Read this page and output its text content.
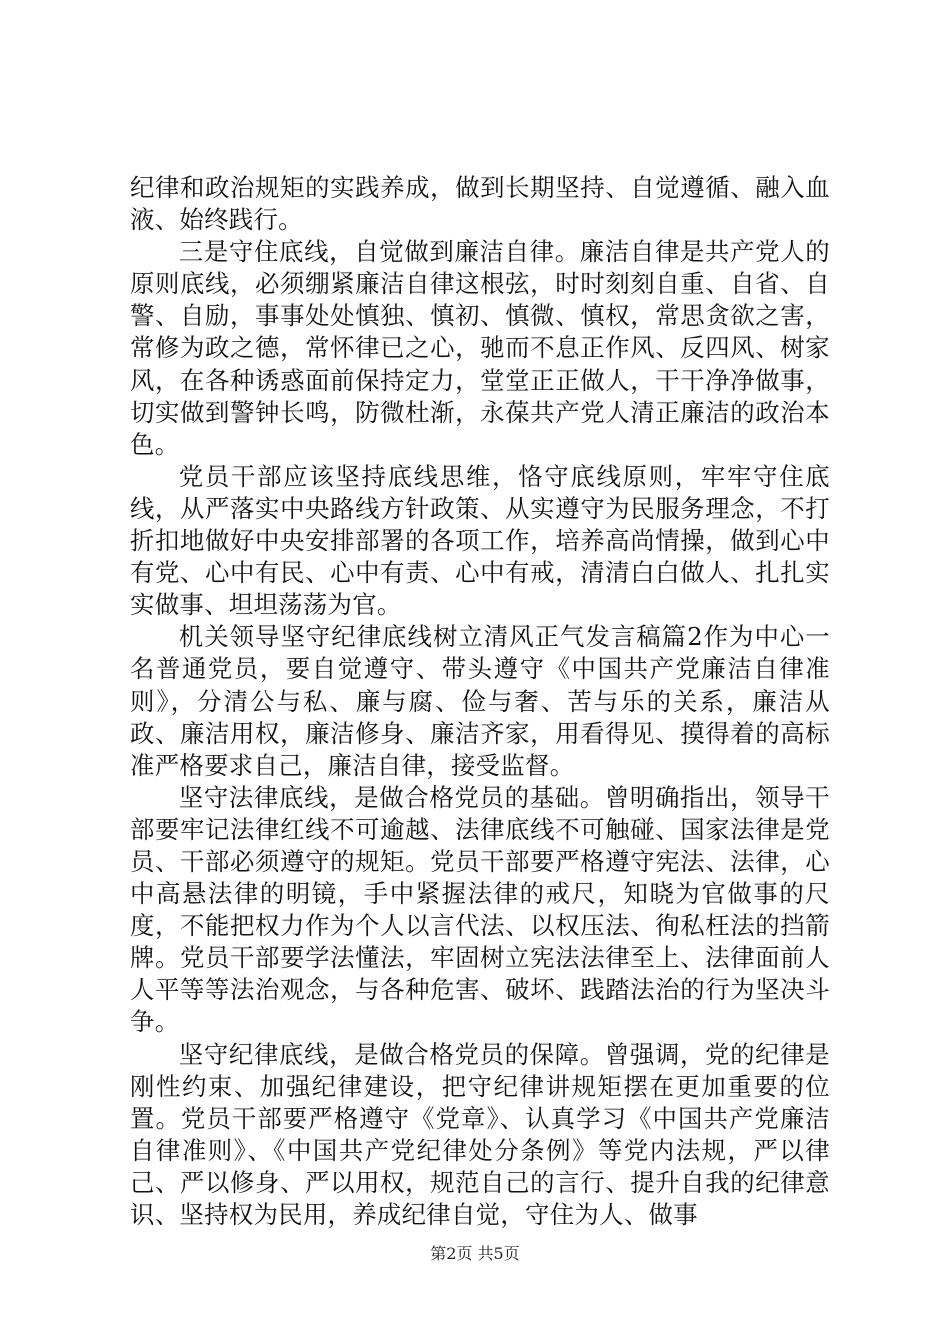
纪律和政治规矩的实践养成，做到长期坚持、自觉遵循、融入血液、始终践行。

三是守住底线，自觉做到廉洁自律。廉洁自律是共产党人的原则底线，必须绷紧廉洁自律这根弦，时时刻刻自重、自省、自警、自励，事事处处慎独、慎初、慎微、慎权，常思贪欲之害，常修为政之德，常怀律已之心，驰而不息正作风、反四风、树家风，在各种诱惑面前保持定力，堂堂正正做人，干干净净做事，切实做到警钟长鸣，防微杜渐，永葆共产党人清正廉洁的政治本色。

党员干部应该坚持底线思维，恪守底线原则，牢牢守住底线，从严落实中央路线方针政策、从实遵守为民服务理念，不打折扣地做好中央安排部署的各项工作，培养高尚情操，做到心中有党、心中有民、心中有责、心中有戒，清清白白做人、扎扎实实做事、坦坦荡荡为官。

机关领导坚守纪律底线树立清风正气发言稿篇2作为中心一名普通党员，要自觉遵守、带头遵守《中国共产党廉洁自律准则》，分清公与私、廉与腐、俭与奢、苦与乐的关系，廉洁从政、廉洁用权，廉洁修身、廉洁齐家，用看得见、摸得着的高标准严格要求自己，廉洁自律，接受监督。

坚守法律底线，是做合格党员的基础。曾明确指出，领导干部要牢记法律红线不可逾越、法律底线不可触碰、国家法律是党员、干部必须遵守的规矩。党员干部要严格遵守宪法、法律，心中高悬法律的明镜，手中紧握法律的戒尺，知晓为官做事的尺度，不能把权力作为个人以言代法、以权压法、徇私枉法的挡箭牌。党员干部要学法懂法，牢固树立宪法法律至上、法律面前人人平等等法治观念，与各种危害、破坏、践踏法治的行为坚决斗争。

坚守纪律底线，是做合格党员的保障。曾强调，党的纪律是刚性约束、加强纪律建设，把守纪律讲规矩摆在更加重要的位置。党员干部要严格遵守《党章》、认真学习《中国共产党廉洁自律准则》、《中国共产党纪律处分条例》等党内法规，严以律己、严以修身、严以用权，规范自己的言行、提升自我的纪律意识、坚持权为民用，养成纪律自觉，守住为人、做事

第2页 共5页
